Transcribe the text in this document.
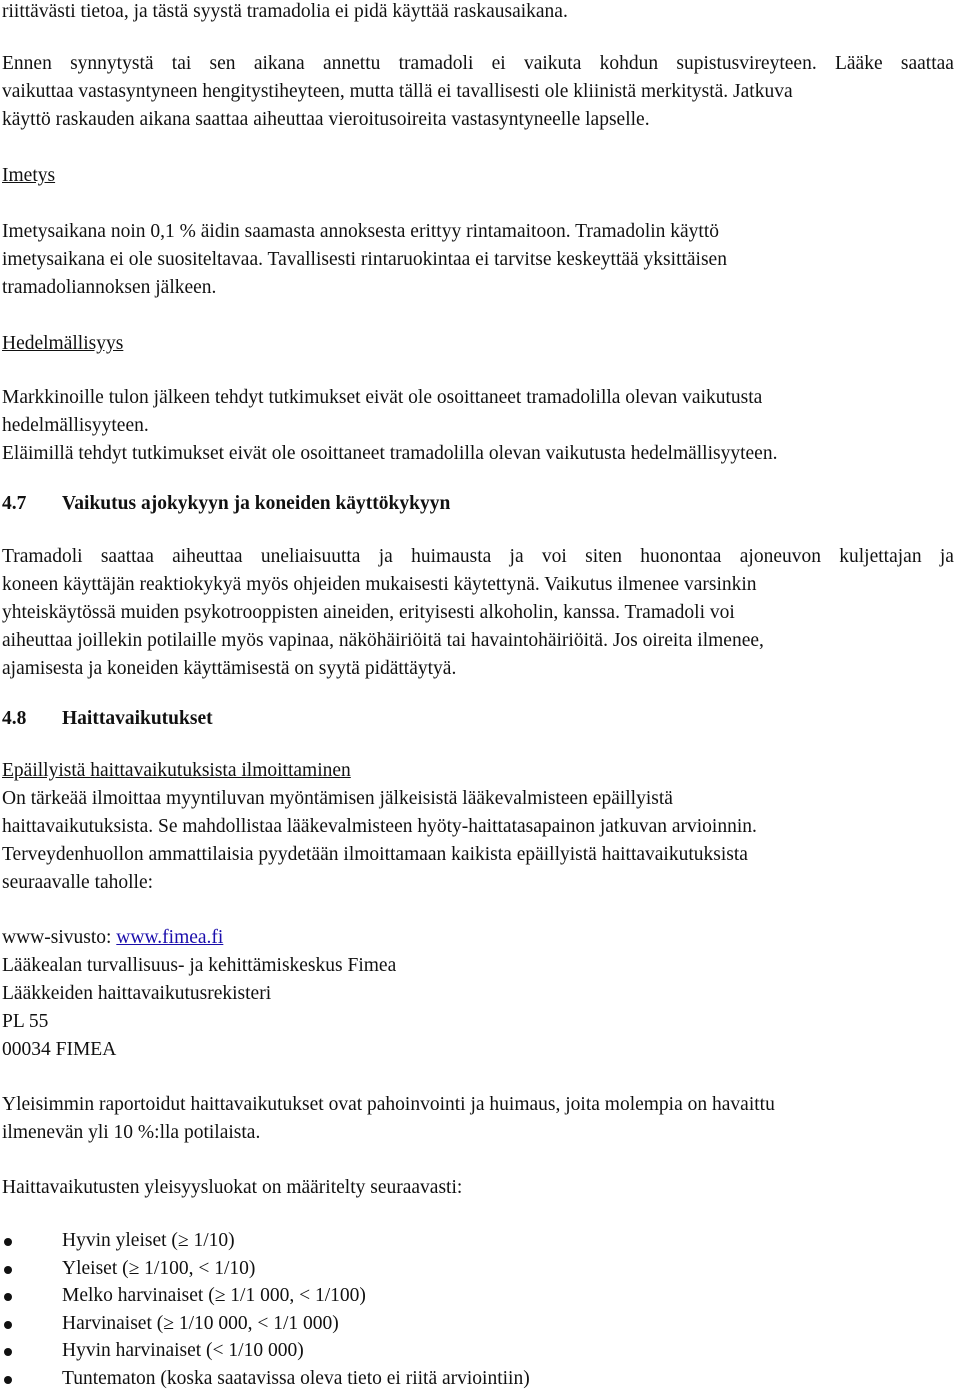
riittävästi tietoa, ja tästä syystä tramadolia ei pidä käyttää raskausaikana.
Ennen synnytystä tai sen aikana annettu tramadoli ei vaikuta kohdun supistusvireyteen. Lääke saattaa
vaikuttaa vastasyntyneen hengitystiheyteen, mutta tällä ei tavallisesti ole kliinistä merkitystä. Jatkuva
käyttö raskauden aikana saattaa aiheuttaa vieroitusoireita vastasyntyneelle lapselle.
Imetys
Imetysaikana noin 0,1 % äidin saamasta annoksesta erittyy rintamaitoon. Tramadolin käyttö
imetysaikana ei ole suositeltavaa. Tavallisesti rintaruokintaa ei tarvitse keskeyttää yksittäisen
tramadoliannoksen jälkeen.
Hedelmällisyys
Markkinoille tulon jälkeen tehdyt tutkimukset eivät ole osoittaneet tramadolilla olevan vaikutusta
hedelmällisyyteen.
Eläimillä tehdyt tutkimukset eivät ole osoittaneet tramadolilla olevan vaikutusta hedelmällisyyteen.
4.7 Vaikutus ajokykyyn ja koneiden käyttökykyyn
Tramadoli saattaa aiheuttaa uneliaisuutta ja huimausta ja voi siten huonontaa ajoneuvon kuljettajan ja
koneen käyttäjän reaktiokykyä myös ohjeiden mukaisesti käytettynä. Vaikutus ilmenee varsinkin
yhteiskäytössä muiden psykotrooppisten aineiden, erityisesti alkoholin, kanssa. Tramadoli voi
aiheuttaa joillekin potilaille myös vapinaa, näköhäiriöitä tai havaintohäiriöitä. Jos oireita ilmenee,
ajamisesta ja koneiden käyttämisestä on syytä pidättäytyä.
4.8 Haittavaikutukset
Epäillyistä haittavaikutuksista ilmoittaminen
On tärkeää ilmoittaa myyntiluvan myöntämisen jälkeisistä lääkevalmisteen epäillyistä
haittavaikutuksista. Se mahdollistaa lääkevalmisteen hyöty-haittatasapainon jatkuvan arvioinnin.
Terveydenhuollon ammattilaisia pyydetään ilmoittamaan kaikista epäillyistä haittavaikutuksista
seuraavalle taholle:
www-sivusto: www.fimea.fi
Lääkealan turvallisuus- ja kehittämiskeskus Fimea
Lääkkeiden haittavaikutusrekisteri
PL 55
00034 FIMEA
Yleisimmin raportoidut haittavaikutukset ovat pahoinvointi ja huimaus, joita molempia on havaittu
ilmenevän yli 10 %:lla potilaista.
Haittavaikutusten yleisyysluokat on määritelty seuraavasti:
Hyvin yleiset (≥ 1/10)
Yleiset (≥ 1/100, < 1/10)
Melko harvinaiset (≥ 1/1 000, < 1/100)
Harvinaiset (≥ 1/10 000, < 1/1 000)
Hyvin harvinaiset (< 1/10 000)
Tuntematon (koska saatavissa oleva tieto ei riitä arviointiin)
